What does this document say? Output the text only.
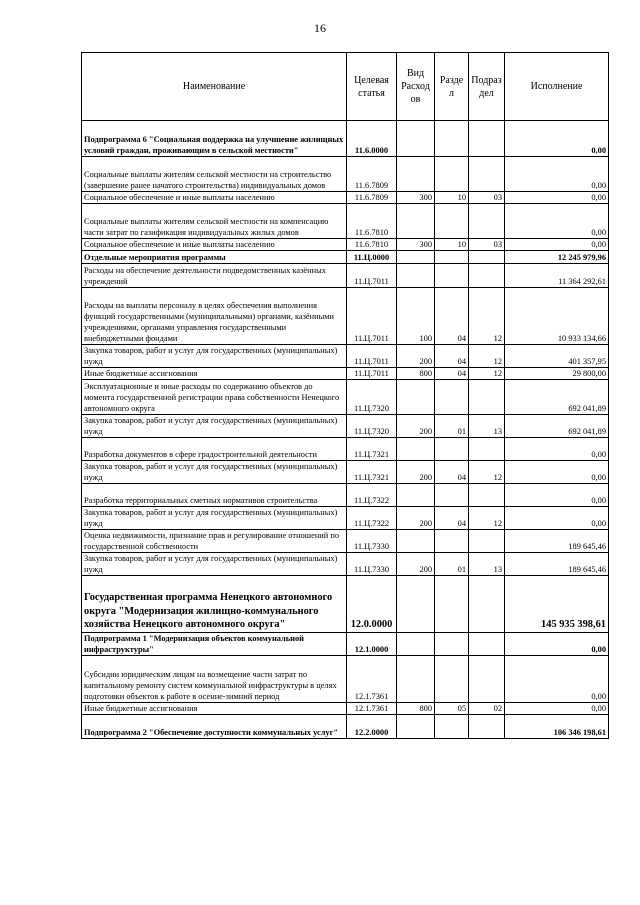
16
Наименование	Целевая статья	Вид Расход ов	Разде л	Подраз дел	Исполнение
Подпрограмма 6 "Социальная поддержка на улучшение жилищных условий граждан, проживающим в сельской местности"	11.6.0000				0,00
Социальные выплаты жителям сельской местности на строительство (завершение ранее начатого строительства) индивидуальных домов	11.6.7809				0,00
Социальное обеспечение и иные выплаты населению	11.6.7809	300	10	03	0,00
Социальные выплаты жителям сельской местности на компенсацию части затрат по газификация индивидуальных жилых домов	11.6.7810				0,00
Социальное обеспечение и иные выплаты населению	11.6.7810	300	10	03	0,00
Отдельные мероприятия программы	11.Ц.0000				12 245 979,96
Расходы на обеспечение деятельности подведомственных казённых учреждений	11.Ц.7011				11 364 292,61
Расходы на выплаты персоналу в целях обеспечения выполнения функций государственными (муниципальными) органами, казёнными учреждениями, органами управления государственными внебюджетными фондами	11.Ц.7011	100	04	12	10 933 134,66
Закупка товаров, работ и услуг для государственных (муниципальных) нужд	11.Ц.7011	200	04	12	401 357,95
Иные бюджетные ассигнования	11.Ц.7011	800	04	12	29 800,00
Эксплуатационные и иные расходы по содержанию объектов до момента государственной регистрации права собственности Ненецкого автономного округа	11.Ц.7320				692 041,89
Закупка товаров, работ и услуг для государственных (муниципальных) нужд	11.Ц.7320	200	01	13	692 041,89
Разработка документов в сфере градостроительной деятельности	11.Ц.7321				0,00
Закупка товаров, работ и услуг для государственных (муниципальных) нужд	11.Ц.7321	200	04	12	0,00
Разработка территориальных сметных нормативов строительства	11.Ц.7322				0,00
Закупка товаров, работ и услуг для государственных (муниципальных) нужд	11.Ц.7322	200	04	12	0,00
Оценка недвижимости, признание прав и регулирование отношений по государственной собственности	11.Ц.7330				189 645,46
Закупка товаров, работ и услуг для государственных (муниципальных) нужд	11.Ц.7330	200	01	13	189 645,46
Государственная программа Ненецкого автономного округа "Модернизация жилищно-коммунального хозяйства Ненецкого автономного округа"	12.0.0000				145 935 398,61
Подпрограмма 1 "Модернизация объектов коммунальной инфраструктуры"	12.1.0000				0,00
Субсидии юридическим лицам на возмещение части затрат по капитальному ремонту систем коммунальной инфраструктуры в целях подготовки объектов к работе в осенне-зимний период	12.1.7361				0,00
Иные бюджетные ассигнования	12.1.7361	800	05	02	0,00
Подпрограмма 2 "Обеспечение доступности коммунальных услуг"	12.2.0000				106 346 198,61
